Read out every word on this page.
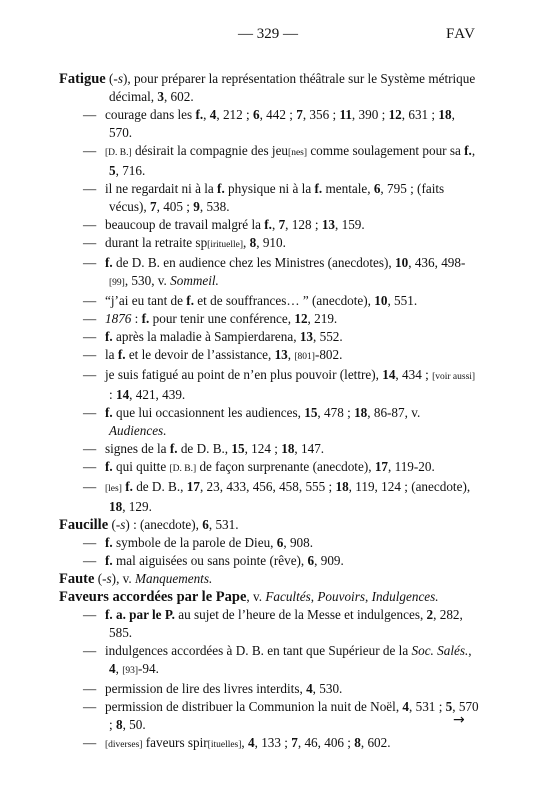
— 329 —	FAV
Fatigue (-s), pour préparer la représentation théâtrale sur le Système métrique décimal, 3, 602.
— courage dans les f., 4, 212 ; 6, 442 ; 7, 356 ; 11, 390 ; 12, 631 ; 18, 570.
— [D. B.] désirait la compagnie des jeu[nes] comme soulagement pour sa f., 5, 716.
— il ne regardait ni à la f. physique ni à la f. mentale, 6, 795 ; (faits vécus), 7, 405 ; 9, 538.
— beaucoup de travail malgré la f., 7, 128 ; 13, 159.
— durant la retraite sp[irituelle], 8, 910.
— f. de D. B. en audience chez les Ministres (anecdotes), 10, 436, 498-[99], 530, v. Sommeil.
— “j’ai eu tant de f. et de souffrances… ” (anecdote), 10, 551.
— 1876 : f. pour tenir une conférence, 12, 219.
— f. après la maladie à Sampierdarena, 13, 552.
— la f. et le devoir de l’assistance, 13, [801]-802.
— je suis fatigué au point de n’en plus pouvoir (lettre), 14, 434 ; [voir aussi] : 14, 421, 439.
— f. que lui occasionnent les audiences, 15, 478 ; 18, 86-87, v. Audiences.
— signes de la f. de D. B., 15, 124 ; 18, 147.
— f. qui quitte [D. B.] de façon surprenante (anecdote), 17, 119-20.
— [les] f. de D. B., 17, 23, 433, 456, 458, 555 ; 18, 119, 124 ; (anecdote), 18, 129.
Faucille (-s) : (anecdote), 6, 531.
— f. symbole de la parole de Dieu, 6, 908.
— f. mal aiguisées ou sans pointe (rêve), 6, 909.
Faute (-s), v. Manquements.
Faveurs accordées par le Pape, v. Facultés, Pouvoirs, Indulgences.
— f. a. par le P. au sujet de l’heure de la Messe et indulgences, 2, 282, 585.
— indulgences accordées à D. B. en tant que Supérieur de la Soc. Salés., 4, [93]-94.
— permission de lire des livres interdits, 4, 530.
— permission de distribuer la Communion la nuit de Noël, 4, 531 ; 5, 570 ; 8, 50.
— [diverses] faveurs spir[ituelles], 4, 133 ; 7, 46, 406 ; 8, 602.
→
